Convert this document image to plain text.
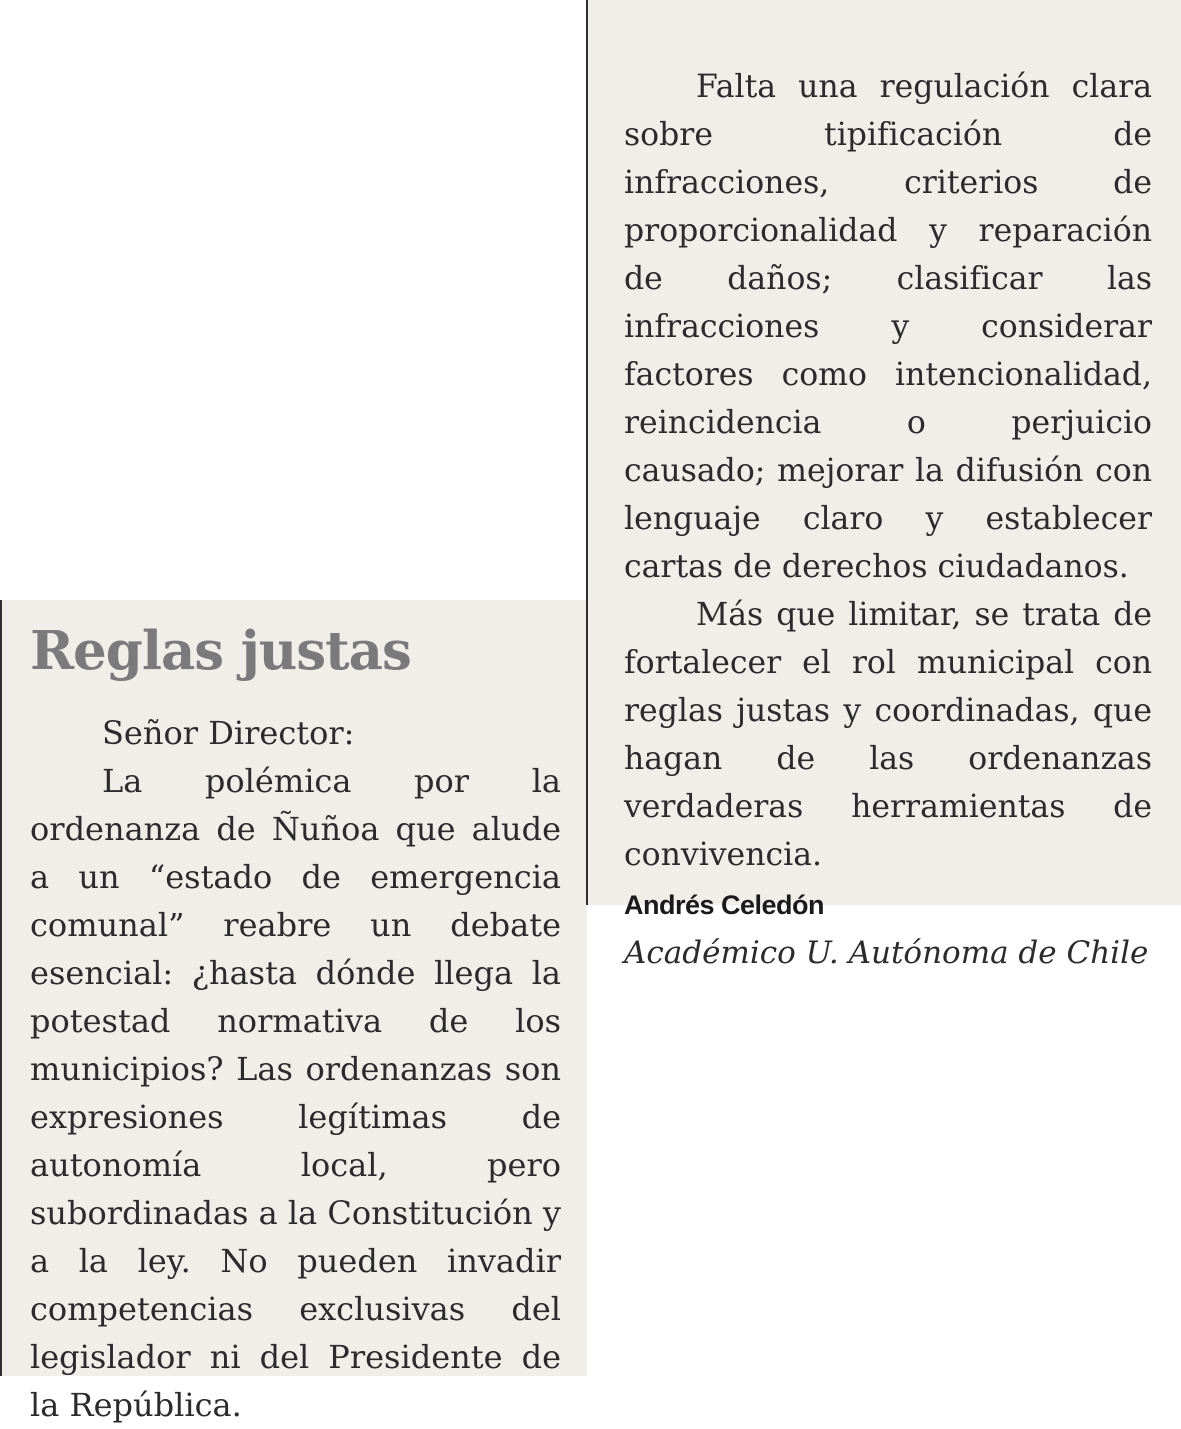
Reglas justas

Señor Director:

La polémica por la ordenanza de Ñuñoa que alude a un “estado de emergencia comunal” reabre un debate esencial: ¿hasta dónde llega la potestad normativa de los municipios? Las ordenanzas son expresiones legítimas de autonomía local, pero subordinadas a la Constitución y a la ley. No pueden invadir competencias exclusivas del legislador ni del Presidente de la República.

Falta una regulación clara sobre tipificación de infracciones, criterios de proporcionalidad y reparación de daños; clasificar las infracciones y considerar factores como intencionalidad, reincidencia o perjuicio causado; mejorar la difusión con lenguaje claro y establecer cartas de derechos ciudadanos.

Más que limitar, se trata de fortalecer el rol municipal con reglas justas y coordinadas, que hagan de las ordenanzas verdaderas herramientas de convivencia.

Andrés Celedón
Académico U. Autónoma de Chile
